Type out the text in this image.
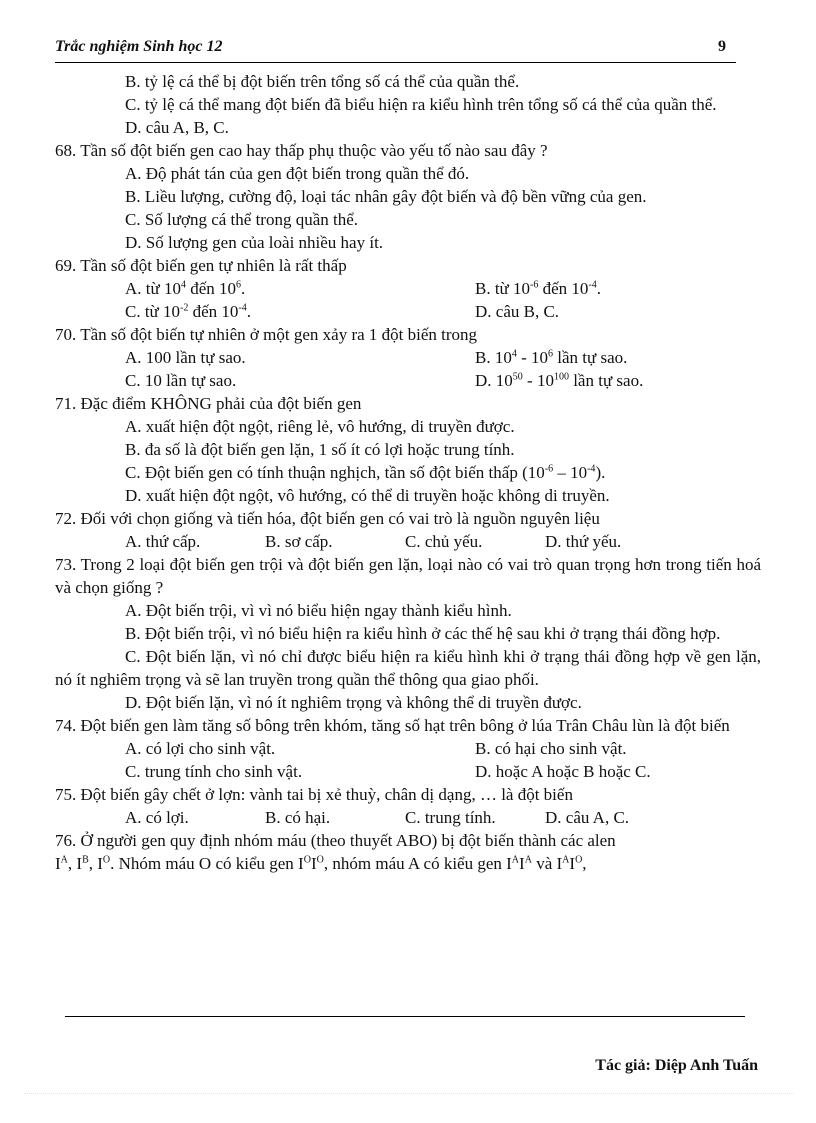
Trắc nghiệm Sinh học 12	9
B. tỷ lệ cá thể bị đột biến trên tổng số cá thể của quần thể.
C. tỷ lệ cá thể mang đột biến đã biểu hiện ra kiểu hình trên tổng số cá thể của quần thể.
D. câu A, B, C.
68. Tần số đột biến gen cao hay thấp phụ thuộc vào yếu tố nào sau đây ?
A. Độ phát tán của gen đột biến trong quần thể đó.
B. Liều lượng, cường độ, loại tác nhân gây đột biến và độ bền vững của gen.
C. Số lượng cá thể trong quần thể.
D. Số lượng gen của loài nhiều hay ít.
69. Tần số đột biến gen tự nhiên là rất thấp
A. từ $10^4$ đến $10^6$.	B. từ $10^{-6}$ đến $10^{-4}$.
C. từ $10^{-2}$ đến $10^{-4}$.	D. câu B, C.
70. Tần số đột biến tự nhiên ở một gen xảy ra 1 đột biến trong
A. 100 lần tự sao.	B. $10^4 - 10^6$ lần tự sao.
C. 10 lần tự sao.	D. $10^{50} - 10^{100}$ lần tự sao.
71. Đặc điểm KHÔNG phải của đột biến gen
A. xuất hiện đột ngột, riêng lẻ, vô hướng, di truyền được.
B. đa số là đột biến gen lặn, 1 số ít có lợi hoặc trung tính.
C. Đột biến gen có tính thuận nghịch, tần số đột biến thấp $(10^{-6} - 10^{-4})$.
D. xuất hiện đột ngột, vô hướng, có thể di truyền hoặc không di truyền.
72. Đối với chọn giống và tiến hóa, đột biến gen có vai trò là nguồn nguyên liệu
A. thứ cấp.	B. sơ cấp.	C. chủ yếu.	D. thứ yếu.
73. Trong 2 loại đột biến gen trội và đột biến gen lặn, loại nào có vai trò quan trọng hơn trong tiến hoá và chọn giống ?
A. Đột biến trội, vì vì nó biểu hiện ngay thành kiểu hình.
B. Đột biến trội, vì nó biểu hiện ra kiểu hình ở các thế hệ sau khi ở trạng thái đồng hợp.
C. Đột biến lặn, vì nó chỉ được biểu hiện ra kiểu hình khi ở trạng thái đồng hợp về gen lặn, nó ít nghiêm trọng và sẽ lan truyền trong quần thể thông qua giao phối.
D. Đột biến lặn, vì nó ít nghiêm trọng và không thể di truyền được.
74. Đột biến gen làm tăng số bông trên khóm, tăng số hạt trên bông ở lúa Trân Châu lùn là đột biến
A. có lợi cho sinh vật.	B. có hại cho sinh vật.
C. trung tính cho sinh vật.	D. hoặc A hoặc B hoặc C.
75. Đột biến gây chết ở lợn: vành tai bị xẻ thuỳ, chân dị dạng, … là đột biến
A. có lợi.	B. có hại.	C. trung tính.	D. câu A, C.
76. Ở người gen quy định nhóm máu (theo thuyết ABO) bị đột biến thành các alen
$I^A$, $I^B$, $I^O$. Nhóm máu O có kiểu gen $I^OI^O$, nhóm máu A có kiểu gen $I^AI^A$ và $I^AI^O$,
Tác giả: Diệp Anh Tuấn
